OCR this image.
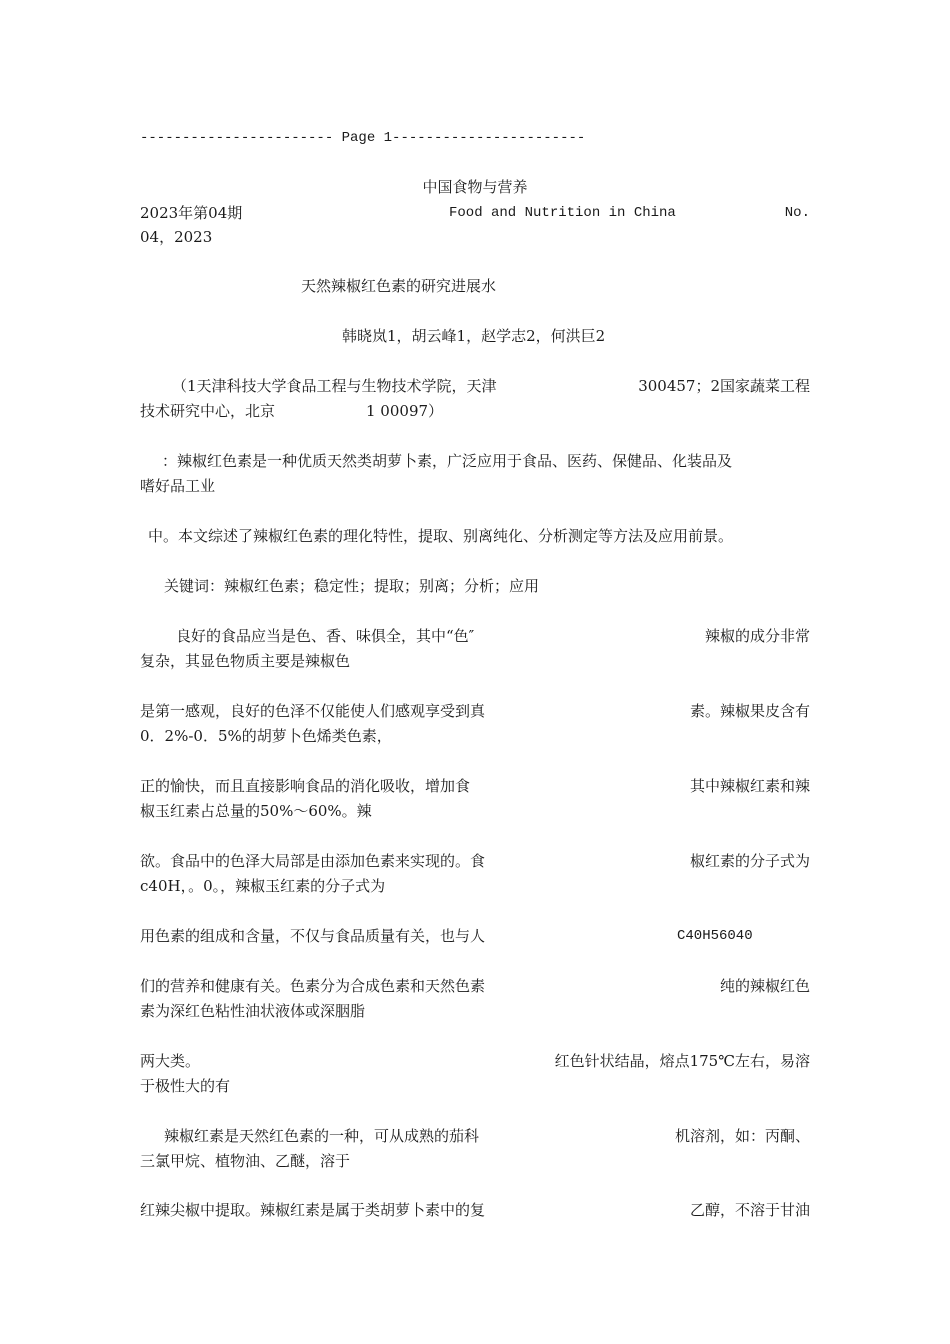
----------------------- Page 1-----------------------
中国食物与营养
2023年第04期	Food and Nutrition in China	No.
04，2023
天然辣椒红色素的研究进展水
韩晓岚1，胡云峰1，赵学志2，何洪巨2
（1天津科技大学食品工程与生物技术学院，天津	300457；2国家蔬菜工程
技术研究中心，北京	1 00097）
：辣椒红色素是一种优质天然类胡萝卜素，广泛应用于食品、医药、保健品、化装品及
嗜好品工业
中。本文综述了辣椒红色素的理化特性，提取、别离纯化、分析测定等方法及应用前景。
关键词：辣椒红色素；稳定性；提取；别离；分析；应用
良好的食品应当是色、香、味俱全，其中“色″	辣椒的成分非常
复杂，其显色物质主要是辣椒色
是第一感观，良好的色泽不仅能使人们感观享受到真	素。辣椒果皮含有
0．2%-0．5%的胡萝卜色烯类色素，
正的愉快，而且直接影响食品的消化吸收，增加食	其中辣椒红素和辣
椒玉红素占总量的50%～60%。辣
欲。食品中的色泽大局部是由添加色素来实现的。食	椒红素的分子式为
c40H，。0。，辣椒玉红素的分子式为
用色素的组成和含量，不仅与食品质量有关，也与人	C40H56040
们的营养和健康有关。色素分为合成色素和天然色素	纯的辣椒红色
素为深红色粘性油状液体或深胭脂
两大类。	红色针状结晶，熔点175℃左右，易溶
于极性大的有
辣椒红素是天然红色素的一种，可从成熟的茄科	机溶剂，如：丙酮、
三氯甲烷、植物油、乙醚，溶于
红辣尖椒中提取。辣椒红素是属于类胡萝卜素中的复	乙醇，不溶于甘油
